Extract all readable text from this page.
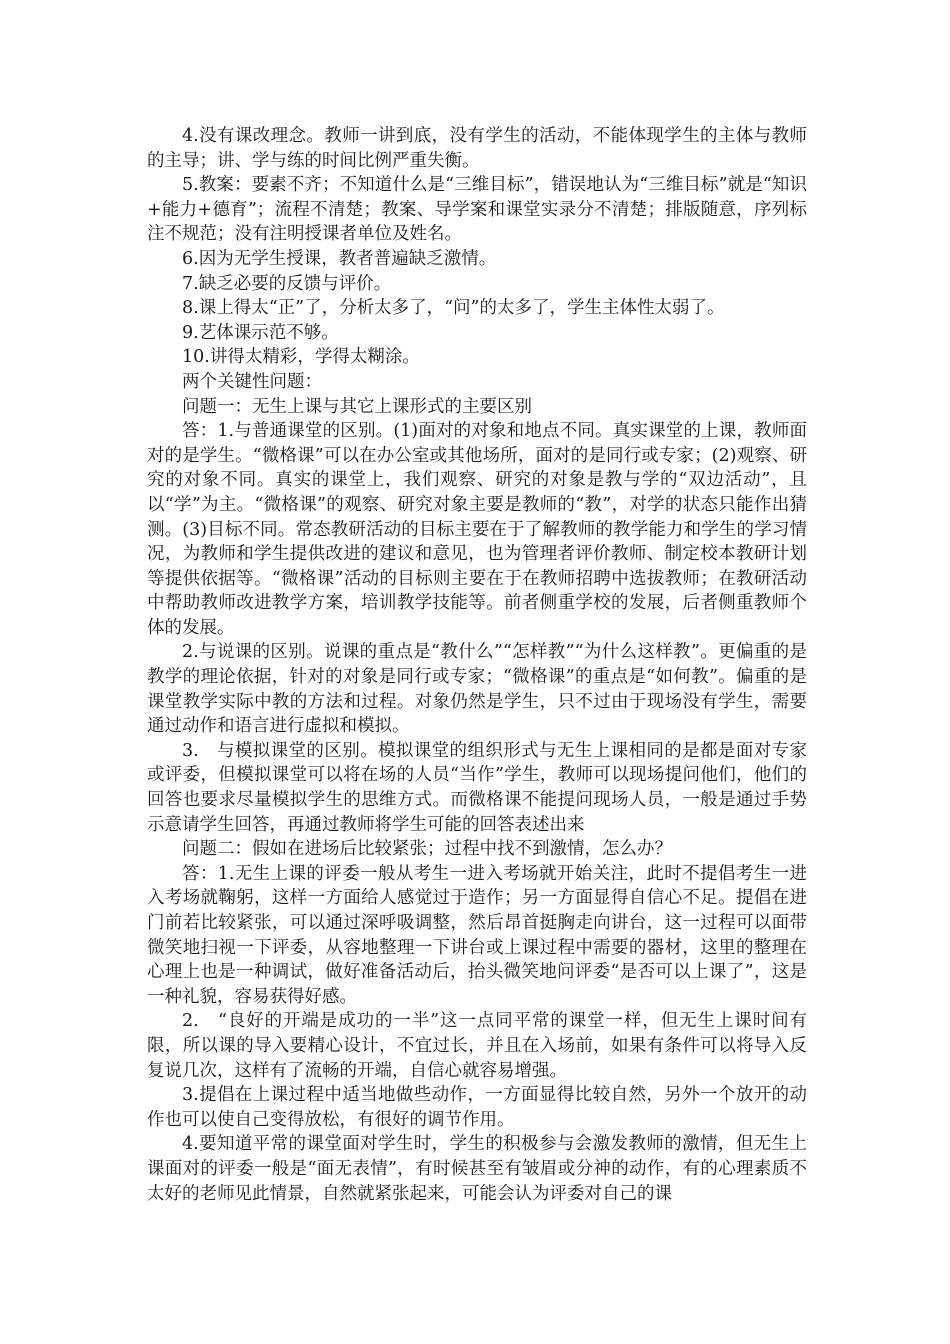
4.没有课改理念。教师一讲到底，没有学生的活动，不能体现学生的主体与教师的主导；讲、学与练的时间比例严重失衡。

5.教案：要素不齐；不知道什么是“三维目标”，错误地认为“三维目标”就是“知识+能力+德育”；流程不清楚；教案、导学案和课堂实录分不清楚；排版随意，序列标注不规范；没有注明授课者单位及姓名。

6.因为无学生授课，教者普遍缺乏激情。

7.缺乏必要的反馈与评价。

8.课上得太“正”了，分析太多了，“问”的太多了，学生主体性太弱了。

9.艺体课示范不够。

10.讲得太精彩，学得太糊涂。

两个关键性问题：

问题一：无生上课与其它上课形式的主要区别

答：1.与普通课堂的区别。(1)面对的对象和地点不同。真实课堂的上课，教师面对的是学生。“微格课”可以在办公室或其他场所，面对的是同行或专家；(2)观察、研究的对象不同。真实的课堂上，我们观察、研究的对象是教与学的“双边活动”，且以“学”为主。“微格课”的观察、研究对象主要是教师的“教”，对学的状态只能作出猜测。(3)目标不同。常态教研活动的目标主要在于了解教师的教学能力和学生的学习情况，为教师和学生提供改进的建议和意见，也为管理者评价教师、制定校本教研计划等提供依据等。“微格课”活动的目标则主要在于在教师招聘中选拔教师；在教研活动中帮助教师改进教学方案，培训教学技能等。前者侧重学校的发展，后者侧重教师个体的发展。

2.与说课的区别。说课的重点是“教什么”“怎样教”“为什么这样教”。更偏重的是教学的理论依据，针对的对象是同行或专家；“微格课”的重点是“如何教”。偏重的是课堂教学实际中教的方法和过程。对象仍然是学生，只不过由于现场没有学生，需要通过动作和语言进行虚拟和模拟。

3.　与模拟课堂的区别。模拟课堂的组织形式与无生上课相同的是都是面对专家或评委，但模拟课堂可以将在场的人员“当作”学生，教师可以现场提问他们，他们的回答也要求尽量模拟学生的思维方式。而微格课不能提问现场人员，一般是通过手势示意请学生回答，再通过教师将学生可能的回答表述出来

问题二：假如在进场后比较紧张；过程中找不到激情，怎么办？

答：1.无生上课的评委一般从考生一进入考场就开始关注，此时不提倡考生一进入考场就鞠躬，这样一方面给人感觉过于造作；另一方面显得自信心不足。提倡在进门前若比较紧张，可以通过深呼吸调整，然后昂首挺胸走向讲台，这一过程可以面带微笑地扫视一下评委，从容地整理一下讲台或上课过程中需要的器材，这里的整理在心理上也是一种调试，做好准备活动后，抬头微笑地问评委“是否可以上课了”，这是一种礼貌，容易获得好感。

2.　“良好的开端是成功的一半”这一点同平常的课堂一样，但无生上课时间有限，所以课的导入要精心设计，不宜过长，并且在入场前，如果有条件可以将导入反复说几次，这样有了流畅的开端，自信心就容易增强。

3.提倡在上课过程中适当地做些动作，一方面显得比较自然，另外一个放开的动作也可以使自己变得放松，有很好的调节作用。

4.要知道平常的课堂面对学生时，学生的积极参与会激发教师的激情，但无生上课面对的评委一般是“面无表情”，有时候甚至有皱眉或分神的动作，有的心理素质不太好的老师见此情景，自然就紧张起来，可能会认为评委对自己的课
